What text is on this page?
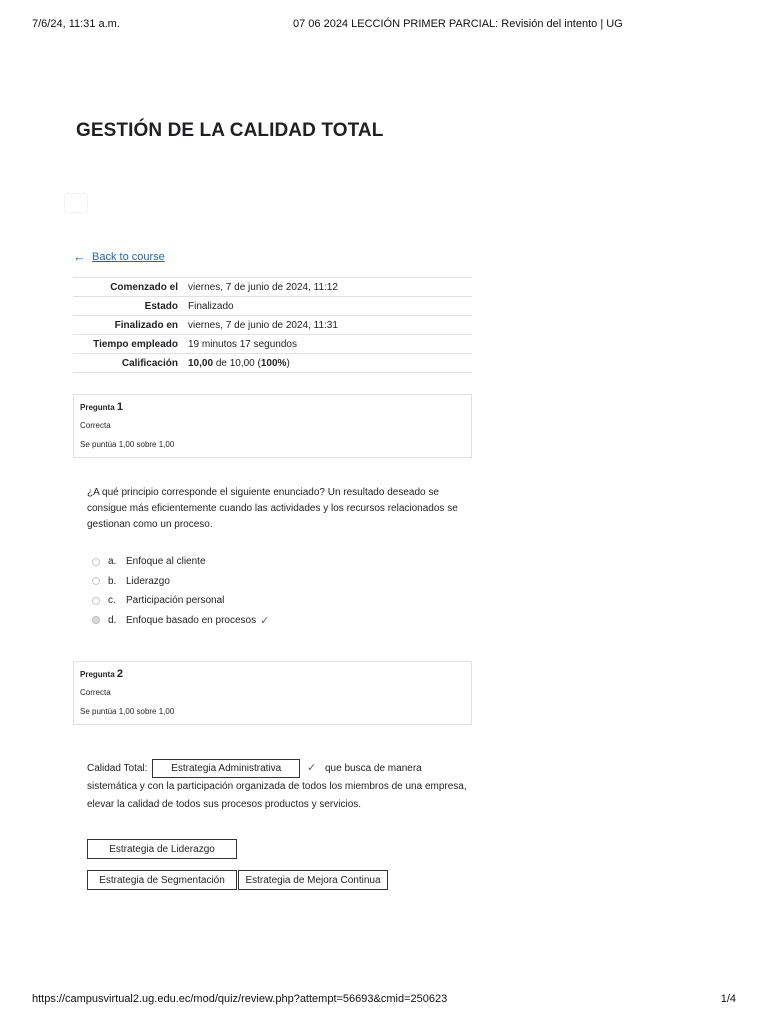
7/6/24, 11:31 a.m.	07 06 2024 LECCIÓN PRIMER PARCIAL: Revisión del intento | UG
GESTIÓN DE LA CALIDAD TOTAL
← Back to course
Comenzado el	viernes, 7 de junio de 2024, 11:12
Estado	Finalizado
Finalizado en	viernes, 7 de junio de 2024, 11:31
Tiempo empleado	19 minutos 17 segundos
Calificación	10,00 de 10,00 (100%)
Pregunta 1
Correcta
Se puntúa 1,00 sobre 1,00
¿A qué principio corresponde el siguiente enunciado? Un resultado deseado se consigue más eficientemente cuando las actividades y los recursos relacionados se gestionan como un proceso.
a. Enfoque al cliente
b. Liderazgo
c.	Participación personal
d. Enfoque basado en procesos ✓
Pregunta 2
Correcta
Se puntúa 1,00 sobre 1,00
Calidad Total: Estrategia Administrativa ✓ que busca de manera sistemática y con la participación organizada de todos los miembros de una empresa, elevar la calidad de todos sus procesos productos y servicios.
Estrategia de Liderazgo
Estrategia de Segmentación	Estrategia de Mejora Continua
https://campusvirtual2.ug.edu.ec/mod/quiz/review.php?attempt=56693&cmid=250623	1/4
